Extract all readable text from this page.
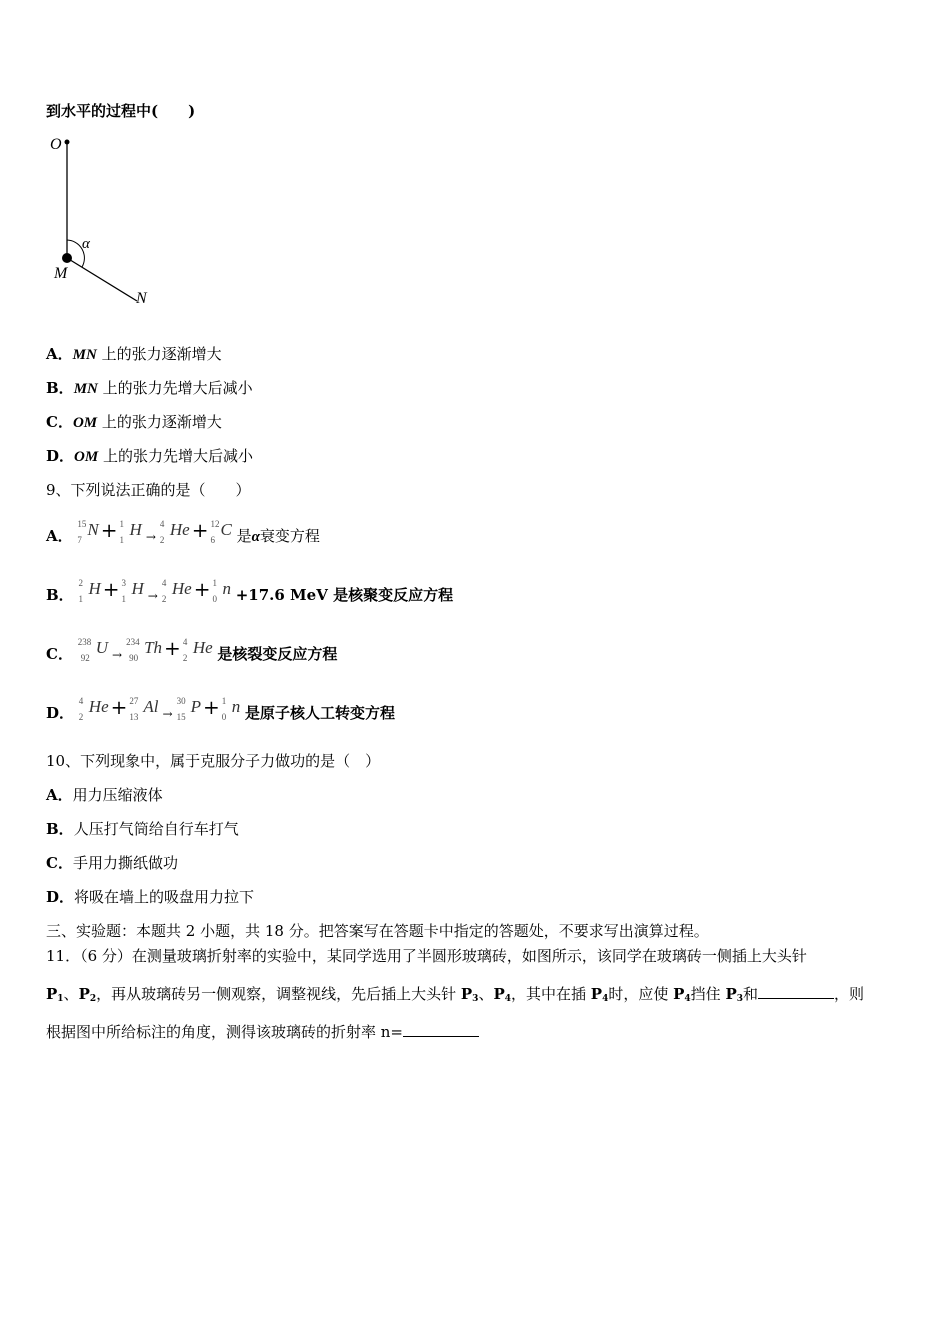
到水平的过程中(　　)
O
α
M
N
A．MN 上的张力逐渐增大
B．MN 上的张力先增大后减小
C．OM 上的张力逐渐增大
D．OM 上的张力先增大后减小
9、下列说法正确的是（　　）
A．
15
7
N + 1
1
H $_\to$
4
2
He + 12
6
C 是α衰变方程
B．
2
1
H + 3
1
H $_\to$
4
2
He + 1
0
n +17.6 MeV 是核聚变反应方程
C．
238
92
U $_\to$
234
90
Th + 4
2
He 是核裂变反应方程
D．
4
2
He + 27
13
Al $_\to$
30
15
P + 1
0
n 是原子核人工转变方程
10、下列现象中，属于克服分子力做功的是（　）
A．用力压缩液体
B．人压打气筒给自行车打气
C．手用力撕纸做功
D．将吸在墙上的吸盘用力拉下
三、实验题：本题共 2 小题，共 18 分。把答案写在答题卡中指定的答题处，不要求写出演算过程。
11．（6 分）在测量玻璃折射率的实验中，某同学选用了半圆形玻璃砖，如图所示，该同学在玻璃砖一侧插上大头针
$P_1$、$P_2$，再从玻璃砖另一侧观察，调整视线，先后插上大头针 $P_3$、$P_4$，其中在插 $P_4$时，应使 $P_4$挡住 $P_3$和	，则
根据图中所给标注的角度，测得该玻璃砖的折射率 n=
